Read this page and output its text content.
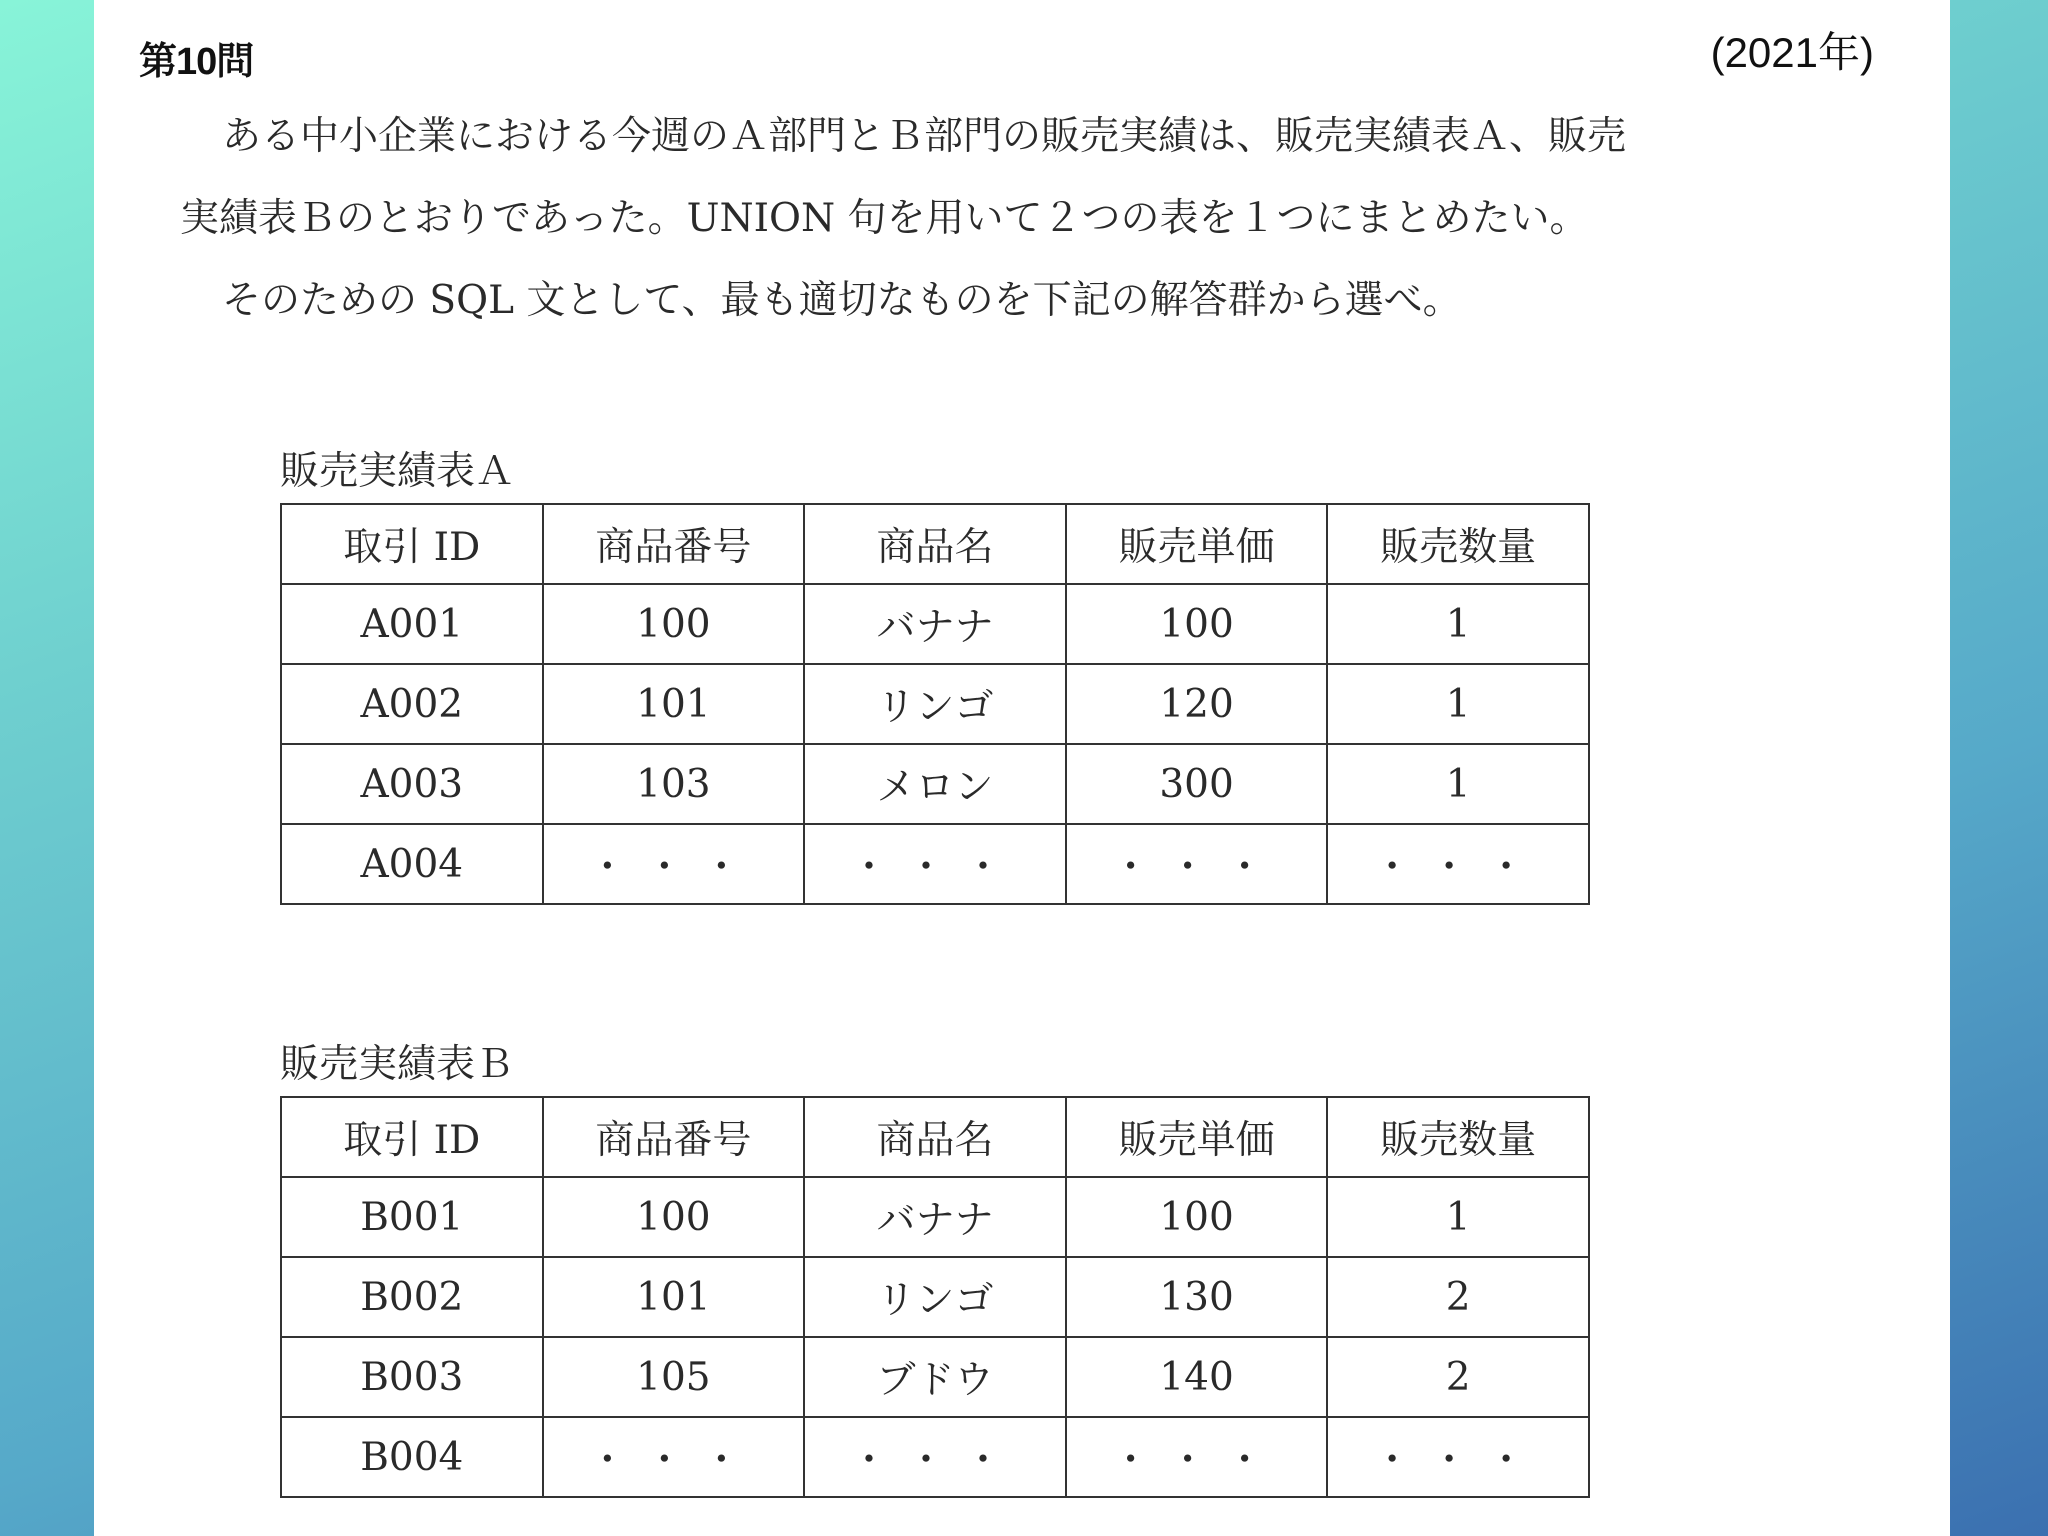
第10問	(2021年)
ある中小企業における今週のＡ部門とＢ部門の販売実績は、販売実績表Ａ、販売
実績表Ｂのとおりであった。UNION 句を用いて２つの表を１つにまとめたい。
そのための SQL 文として、最も適切なものを下記の解答群から選べ。
販売実績表Ａ
取引 ID	商品番号	商品名	販売単価	販売数量
A001	100	バナナ	100	1
A002	101	リンゴ	120	1
A003	103	メロン	300	1
A004	・・・	・・・	・・・	・・・
販売実績表Ｂ
取引 ID	商品番号	商品名	販売単価	販売数量
B001	100	バナナ	100	1
B002	101	リンゴ	130	2
B003	105	ブドウ	140	2
B004	・・・	・・・	・・・	・・・
